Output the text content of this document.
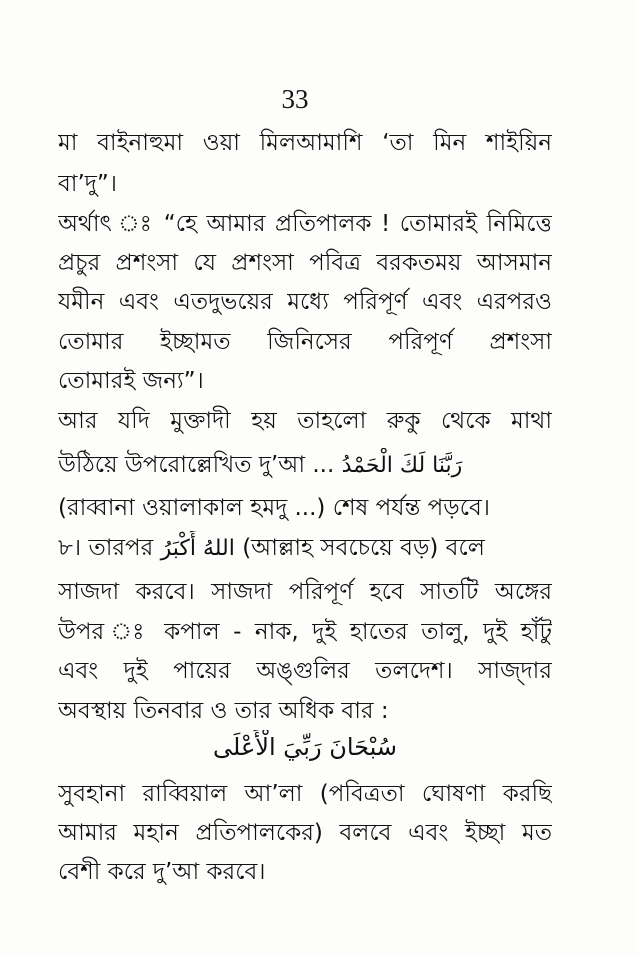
33
মা বাইনাহুমা ওয়া মিলআমাশি ‘তা মিন শাইয়িন
বা’দু”।
অর্থাৎ ঃ “হে আমার প্রতিপালক ! তোমারই নিমিত্তে
প্রচুর প্রশংসা যে প্রশংসা পবিত্র বরকতময় আসমান
যমীন এবং এতদুভয়ের মধ্যে পরিপূর্ণ এবং এরপরও
তোমার ইচ্ছামত জিনিসের পরিপূর্ণ প্রশংসা
তোমারই জন্য”।
আর যদি মুক্তাদী হয় তাহলো রুকু থেকে মাথা
উঠিয়ে উপরোল্লেখিত দু’আ ... رَبَّنَا لَكَ الْحَمْدُ
(রাব্বানা ওয়ালাকাল হমদু ...) শেষ পর্যন্ত পড়বে।
৮। তারপর اللهُ أَكْبَرُ (আল্লাহ সবচেয়ে বড়) বলে
সাজদা করবে। সাজদা পরিপূর্ণ হবে সাতটি অঙ্গের
উপর ঃ কপাল - নাক, দুই হাতের তালু, দুই হাঁটু
এবং দুই পায়ের অঙ্গুলির তলদেশ। সাজ্দার
অবস্থায় তিনবার ও তার অধিক বার :
سُبْحَانَ رَبِّيَ الْأَعْلَى
সুবহানা রাব্বিয়াল আ’লা (পবিত্রতা ঘোষণা করছি
আমার মহান প্রতিপালকের) বলবে এবং ইচ্ছা মত
বেশী করে দু’আ করবে।
